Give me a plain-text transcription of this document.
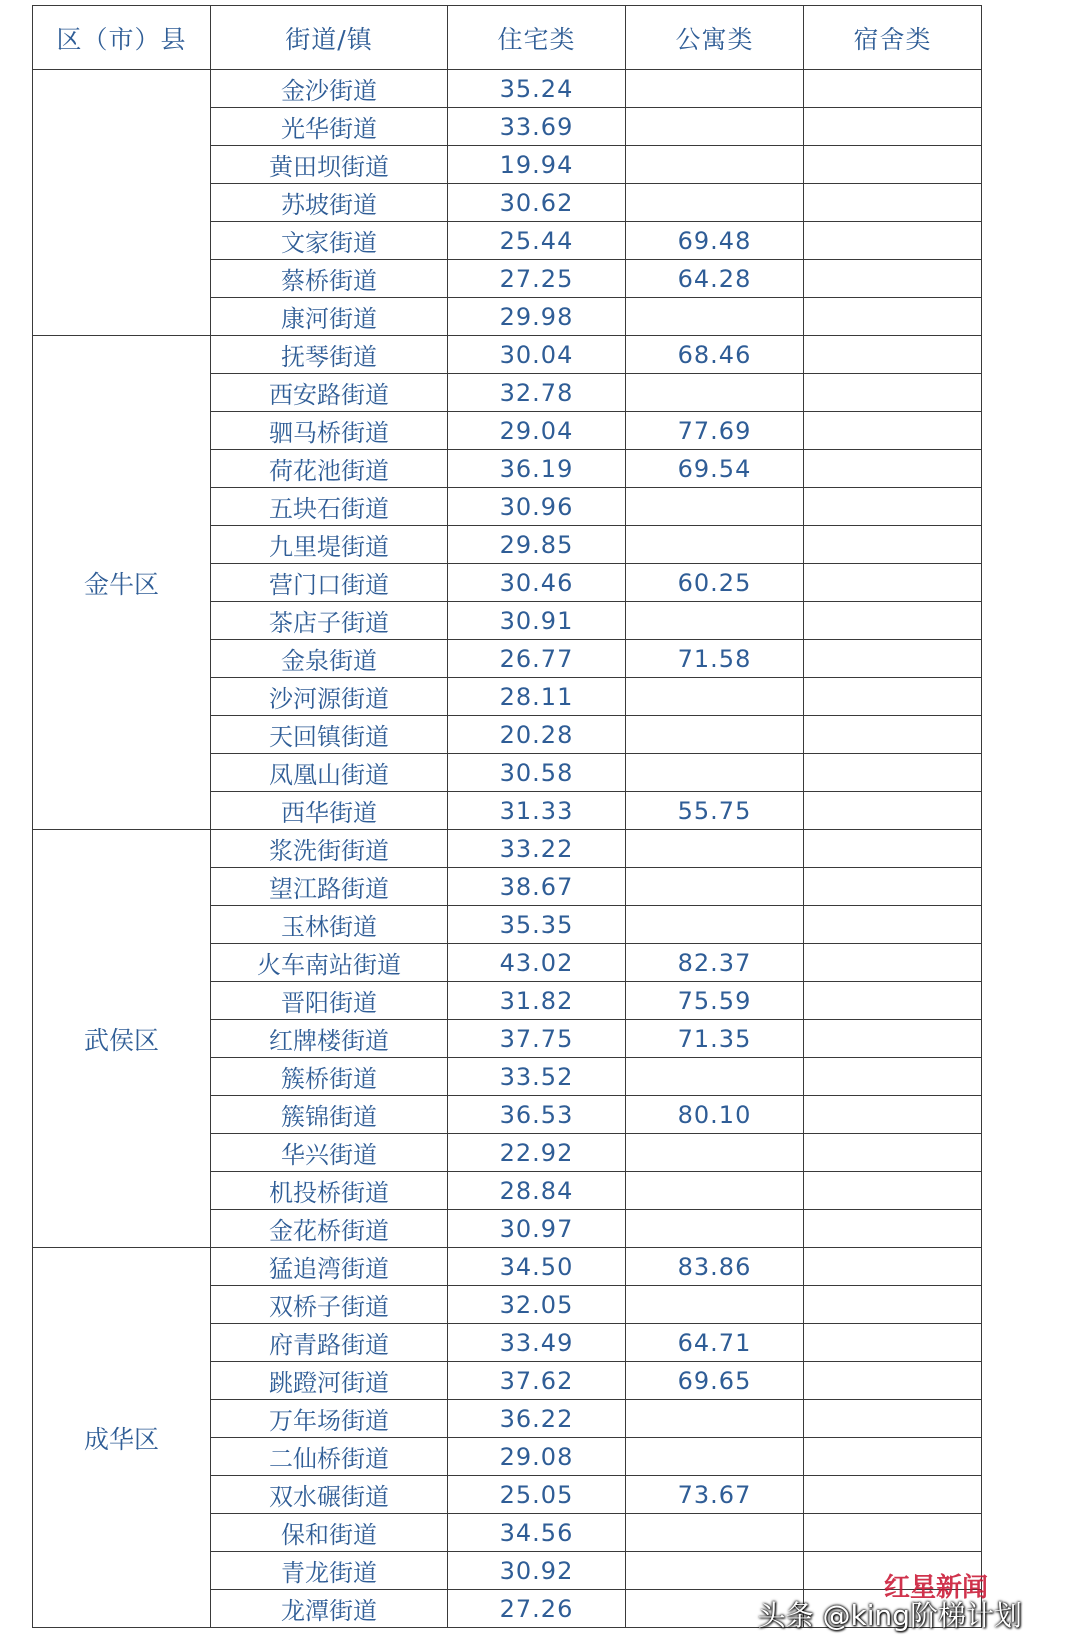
区（市）县	街道/镇	住宅类	公寓类	宿舍类
	金沙街道	35.24		
	光华街道	33.69		
	黄田坝街道	19.94		
	苏坡街道	30.62		
	文家街道	25.44	69.48	
	蔡桥街道	27.25	64.28	
	康河街道	29.98		
金牛区	抚琴街道	30.04	68.46	
	西安路街道	32.78		
	驷马桥街道	29.04	77.69	
	荷花池街道	36.19	69.54	
	五块石街道	30.96		
	九里堤街道	29.85		
	营门口街道	30.46	60.25	
	茶店子街道	30.91		
	金泉街道	26.77	71.58	
	沙河源街道	28.11		
	天回镇街道	20.28		
	凤凰山街道	30.58		
	西华街道	31.33	55.75	
武侯区	浆洗街街道	33.22		
	望江路街道	38.67		
	玉林街道	35.35		
	火车南站街道	43.02	82.37	
	晋阳街道	31.82	75.59	
	红牌楼街道	37.75	71.35	
	簇桥街道	33.52		
	簇锦街道	36.53	80.10	
	华兴街道	22.92		
	机投桥街道	28.84		
	金花桥街道	30.97		
成华区	猛追湾街道	34.50	83.86	
	双桥子街道	32.05		
	府青路街道	33.49	64.71	
	跳蹬河街道	37.62	69.65	
	万年场街道	36.22		
	二仙桥街道	29.08		
	双水碾街道	25.05	73.67	
	保和街道	34.56		
	青龙街道	30.92		
	龙潭街道	27.26		
红星新闻
头条 @king阶梯计划
